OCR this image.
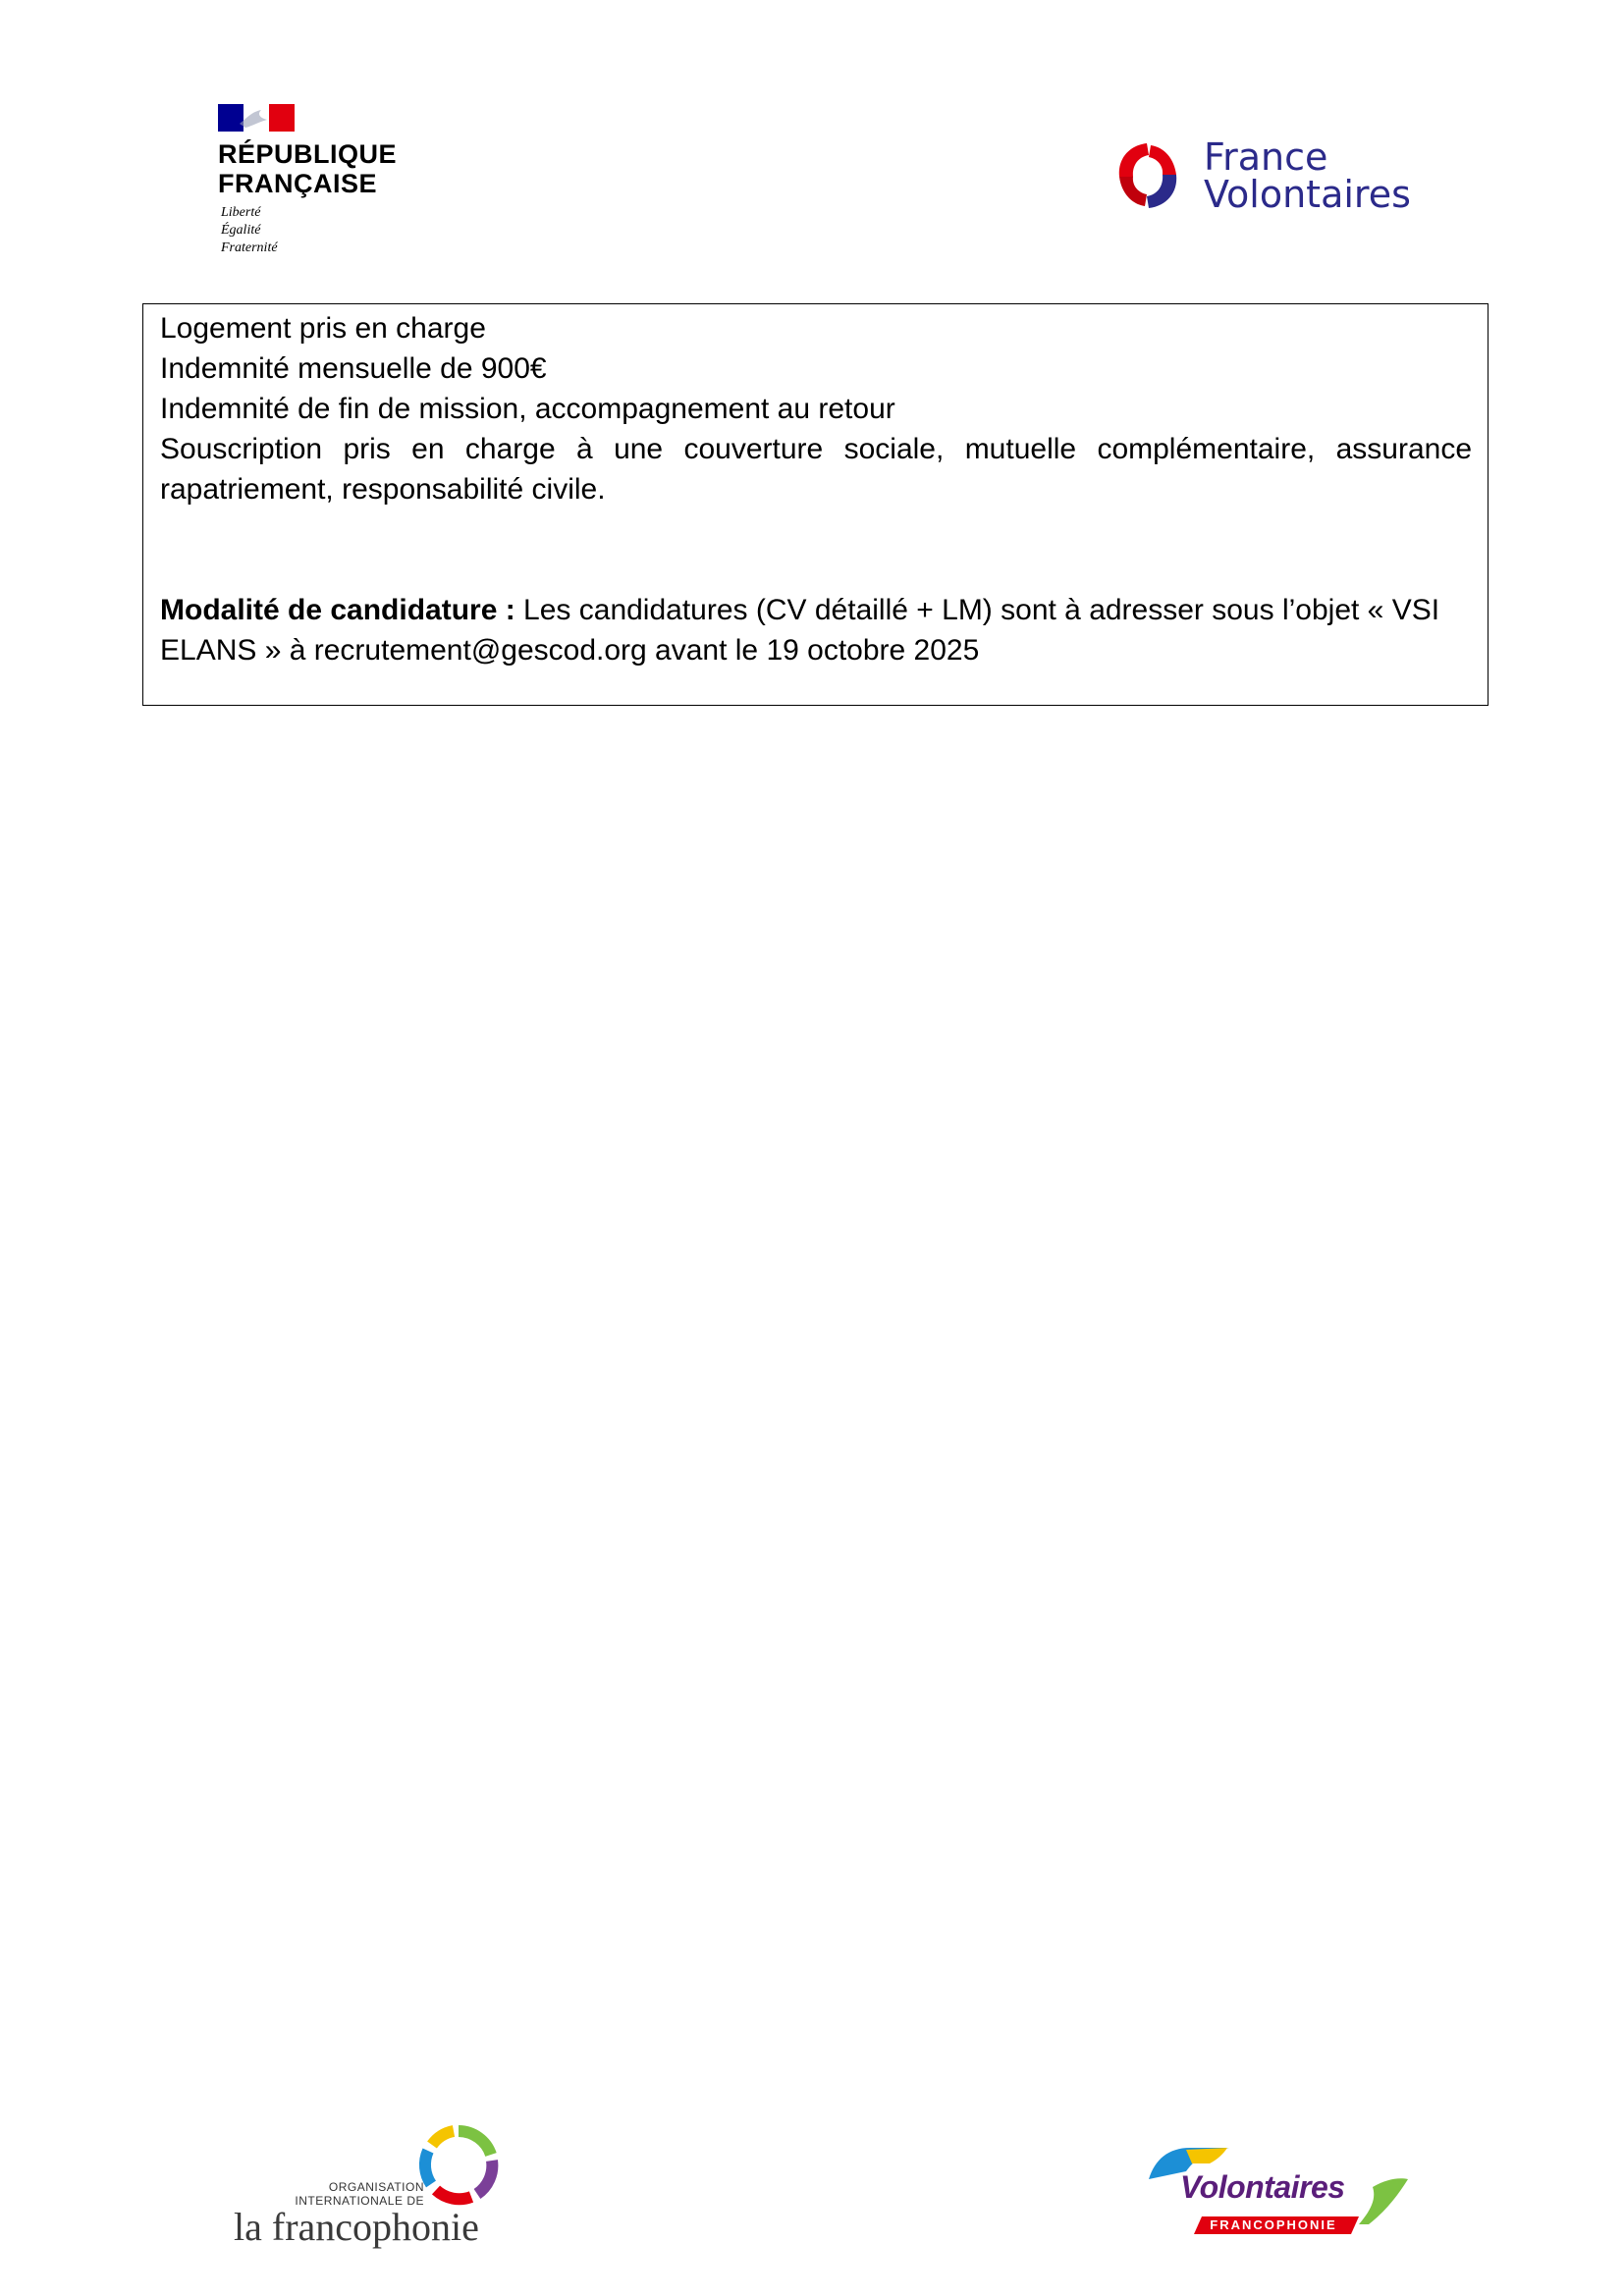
RÉPUBLIQUE
FRANÇAISE
Liberté
Égalité
Fraternité
France
Volontaires
Logement pris en charge
Indemnité mensuelle de 900€
Indemnité de fin de mission, accompagnement au retour
Souscription pris en charge à une couverture sociale, mutuelle complémentaire, assurance
rapatriement, responsabilité civile.
Modalité de candidature : Les candidatures (CV détaillé + LM) sont à adresser sous l’objet « VSI
ELANS » à recrutement@gescod.org avant le 19 octobre 2025
ORGANISATION
INTERNATIONALE DE
la francophonie
Volontaires
FRANCOPHONIE
